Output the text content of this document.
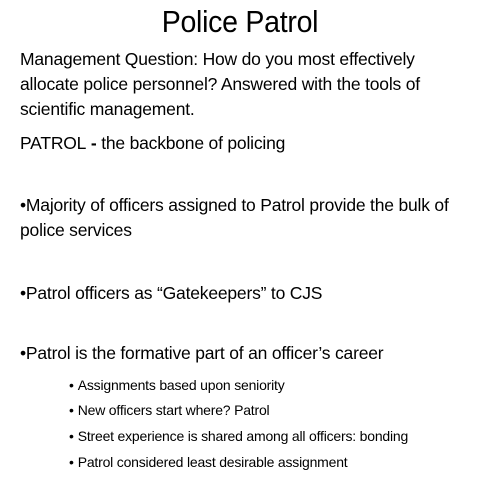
Police Patrol
Management Question: How do you most effectively allocate police personnel? Answered with the tools of scientific management.
PATROL - the backbone of policing
•Majority of officers assigned to Patrol provide the bulk of police services
•Patrol officers as “Gatekeepers” to CJS
•Patrol is the formative part of an officer’s career
• Assignments based upon seniority
• New officers start where? Patrol
• Street experience is shared among all officers: bonding
• Patrol considered least desirable assignment
